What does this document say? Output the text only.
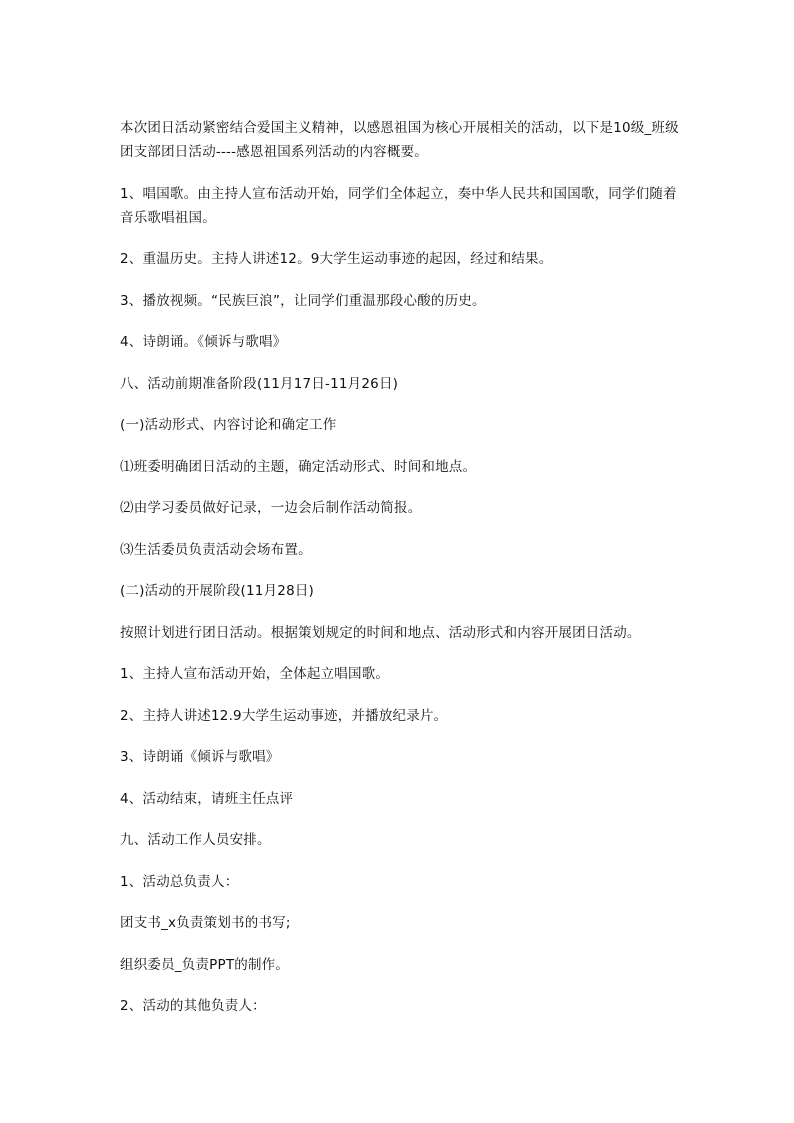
本次团日活动紧密结合爱国主义精神，以感恩祖国为核心开展相关的活动，以下是10级_班级团支部团日活动----感恩祖国系列活动的内容概要。

1、唱国歌。由主持人宣布活动开始，同学们全体起立，奏中华人民共和国国歌，同学们随着音乐歌唱祖国。

2、重温历史。主持人讲述12。9大学生运动事迹的起因，经过和结果。

3、播放视频。“民族巨浪”，让同学们重温那段心酸的历史。

4、诗朗诵。《倾诉与歌唱》

八、活动前期准备阶段(11月17日-11月26日)

(一)活动形式、内容讨论和确定工作

⑴班委明确团日活动的主题，确定活动形式、时间和地点。

⑵由学习委员做好记录，一边会后制作活动简报。

⑶生活委员负责活动会场布置。

(二)活动的开展阶段(11月28日)

按照计划进行团日活动。根据策划规定的时间和地点、活动形式和内容开展团日活动。

1、主持人宣布活动开始，全体起立唱国歌。

2、主持人讲述12.9大学生运动事迹，并播放纪录片。

3、诗朗诵《倾诉与歌唱》

4、活动结束，请班主任点评

九、活动工作人员安排。

1、活动总负责人：

团支书_x负责策划书的书写;

组织委员_负责PPT的制作。

2、活动的其他负责人：
